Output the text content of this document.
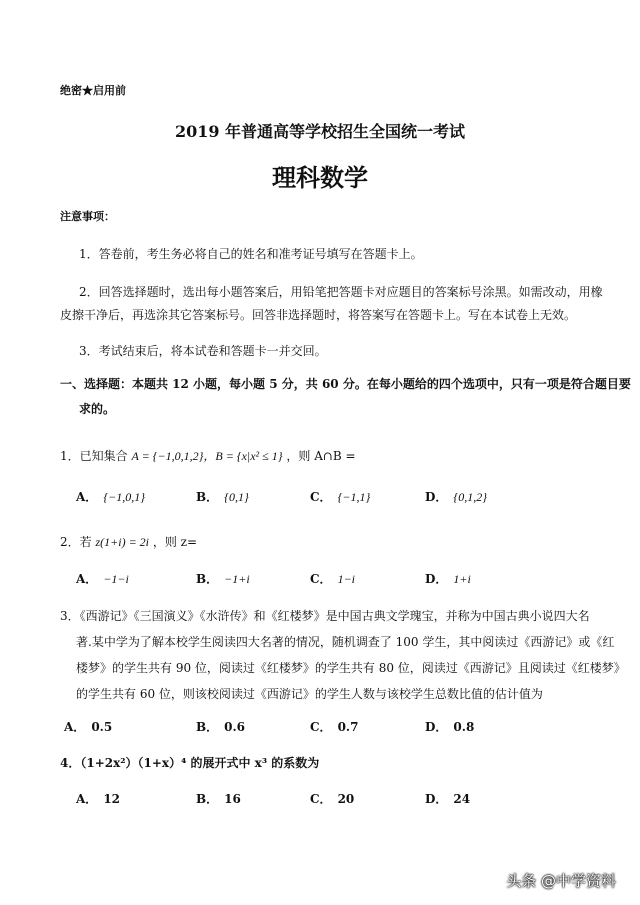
绝密★启用前
2019 年普通高等学校招生全国统一考试
理科数学
注意事项：
1．答卷前，考生务必将自己的姓名和准考证号填写在答题卡上。
2．回答选择题时，选出每小题答案后，用铅笔把答题卡对应题目的答案标号涂黑。如需改动，用橡
皮擦干净后，再选涂其它答案标号。回答非选择题时，将答案写在答题卡上。写在本试卷上无效。
3．考试结束后，将本试卷和答题卡一并交回。
一、选择题：本题共 12 小题，每小题 5 分，共 60 分。在每小题给的四个选项中，只有一项是符合题目要
求的。
1．已知集合 A = {−1,0,1,2}，B = {x|x² ≤ 1} ，则 A∩B =
A． {−1,0,1}	B． {0,1}	C． {−1,1}	D． {0,1,2}
2．若 z(1+i) = 2i ，则 z=
A． −1−i	B． −1+i	C． 1−i	D． 1+i
3．《西游记》《三国演义》《水浒传》和《红楼梦》是中国古典文学瑰宝，并称为中国古典小说四大名
著.某中学为了解本校学生阅读四大名著的情况，随机调查了 100 学生，其中阅读过《西游记》或《红
楼梦》的学生共有 90 位，阅读过《红楼梦》的学生共有 80 位，阅读过《西游记》且阅读过《红楼梦》
的学生共有 60 位，则该校阅读过《西游记》的学生人数与该校学生总数比值的估计值为
A． 0.5	B． 0.6	C． 0.7	D． 0.8
4．（1+2x²）（1+x）⁴ 的展开式中 x³ 的系数为
A． 12	B． 16	C． 20	D． 24
头条 @中学资料
